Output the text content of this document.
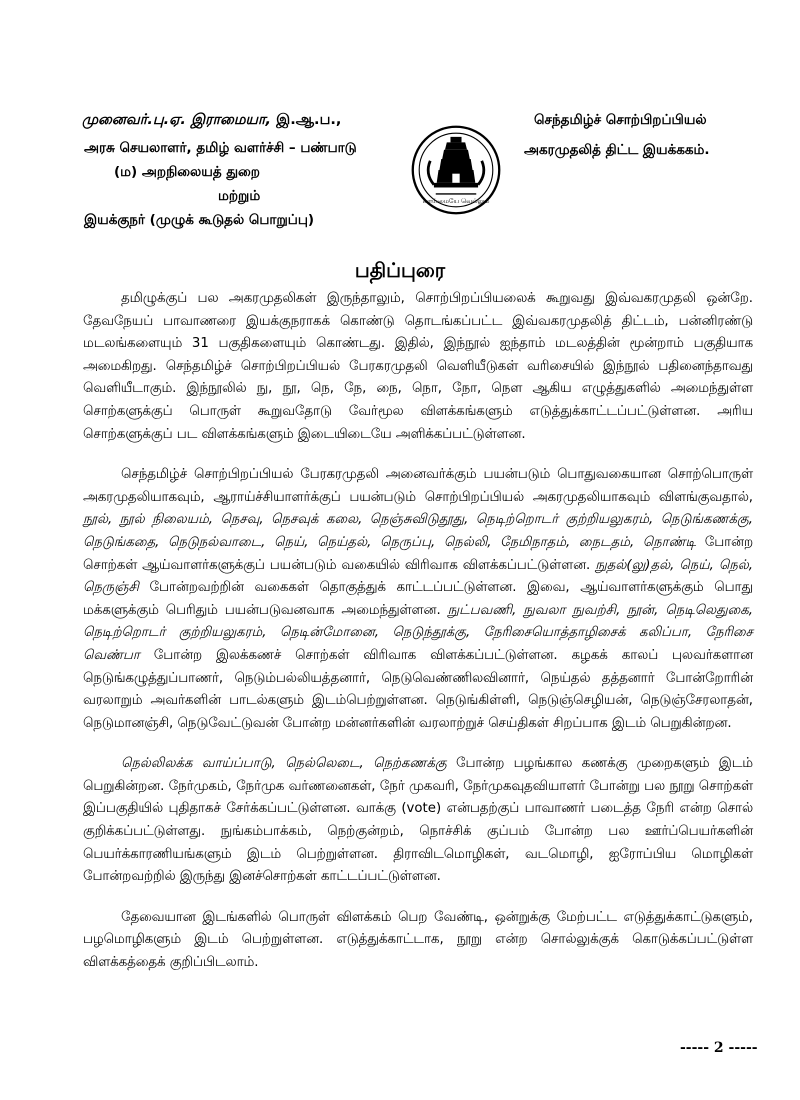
முனைவர்.பு.ஏ. இராமையா, இ.ஆ.ப.,
அரசு செயலாளர், தமிழ் வளர்ச்சி – பண்பாடு
(ம) அறநிலையத் துறை
மற்றும்
இயக்குநர் (முழுக் கூடுதல் பொறுப்பு)
வாய்மையே வெல்லும்
செந்தமிழ்ச் சொற்பிறப்பியல்
அகரமுதலித் திட்ட இயக்ககம்.
பதிப்புரை

தமிழுக்குப் பல அகரமுதலிகள் இருந்தாலும், சொற்பிறப்பியலைக் கூறுவது இவ்வகரமுதலி ஒன்றே. தேவநேயப் பாவாணரை இயக்குநராகக் கொண்டு தொடங்கப்பட்ட இவ்வகரமுதலித் திட்டம், பன்னிரண்டு மடலங்களையும் 31 பகுதிகளையும் கொண்டது. இதில், இந்நூல் ஐந்தாம் மடலத்தின் மூன்றாம் பகுதியாக அமைகிறது. செந்தமிழ்ச் சொற்பிறப்பியல் பேரகரமுதலி வெளியீடுகள் வரிசையில் இந்நூல் பதினைந்தாவது வெளியீடாகும். இந்நூலில் நு, நூ, நெ, நே, நை, நொ, நோ, நௌ ஆகிய எழுத்துகளில் அமைந்துள்ள சொற்களுக்குப் பொருள் கூறுவதோடு வேர்மூல விளக்கங்களும் எடுத்துக்காட்டப்பட்டுள்ளன. அரிய சொற்களுக்குப் பட விளக்கங்களும் இடையிடையே அளிக்கப்பட்டுள்ளன.

செந்தமிழ்ச் சொற்பிறப்பியல் பேரகரமுதலி அனைவர்க்கும் பயன்படும் பொதுவகையான சொற்பொருள் அகரமுதலியாகவும், ஆராய்ச்சியாளர்க்குப் பயன்படும் சொற்பிறப்பியல் அகரமுதலியாகவும் விளங்குவதால், நூல், நூல் நிலையம், நெசவு, நெசவுக் கலை, நெஞ்சுவிடுதூது, நெடிற்றொடர் குற்றியலுகரம், நெடுங்கணக்கு, நெடுங்கதை, நெடுநல்வாடை, நெய், நெய்தல், நெருப்பு, நெல்லி, நேமிநாதம், நைடதம், நொண்டி போன்ற சொற்கள் ஆய்வாளர்களுக்குப் பயன்படும் வகையில் விரிவாக விளக்கப்பட்டுள்ளன. நுதல்(லு)தல், நெய், நெல், நெருஞ்சி போன்றவற்றின் வகைகள் தொகுத்துக் காட்டப்பட்டுள்ளன. இவை, ஆய்வாளர்களுக்கும் பொது மக்களுக்கும் பெரிதும் பயன்படுவனவாக அமைந்துள்ளன. நுட்பவணி, நுவலா நுவற்சி, நூன், நெடிலெதுகை, நெடிற்றொடர் குற்றியலுகரம், நெடின்மோனை, நெடுந்தூக்கு, நேரிசையொத்தாழிசைக் கலிப்பா, நேரிசை வெண்பா போன்ற இலக்கணச் சொற்கள் விரிவாக விளக்கப்பட்டுள்ளன. கழகக் காலப் புலவர்களான நெடுங்கழுத்துப்பாணர், நெடும்பல்லியத்தனார், நெடுவெண்ணிலவினார், நெய்தல் தத்தனார் போன்றோரின் வரலாறும் அவர்களின் பாடல்களும் இடம்பெற்றுள்ளன. நெடுங்கிள்ளி, நெடுஞ்செழியன், நெடுஞ்சேரலாதன், நெடுமானஞ்சி, நெடுவேட்டுவன் போன்ற மன்னர்களின் வரலாற்றுச் செய்திகள் சிறப்பாக இடம் பெறுகின்றன.

நெல்லிலக்க வாய்ப்பாடு, நெல்லெடை, நெற்கணக்கு போன்ற பழங்கால கணக்கு முறைகளும் இடம் பெறுகின்றன. நேர்முகம், நேர்முக வர்ணனைகள், நேர் முகவரி, நேர்முகவுதவியாளர் போன்று பல நூறு சொற்கள் இப்பகுதியில் புதிதாகச் சேர்க்கப்பட்டுள்ளன. வாக்கு (vote) என்பதற்குப் பாவாணர் படைத்த நேரி என்ற சொல் குறிக்கப்பட்டுள்ளது. நுங்கம்பாக்கம், நெற்குன்றம், நொச்சிக் குப்பம் போன்ற பல ஊர்ப்பெயர்களின் பெயர்க்காரணியங்களும் இடம் பெற்றுள்ளன. திராவிடமொழிகள், வடமொழி, ஐரோப்பிய மொழிகள் போன்றவற்றில் இருந்து இனச்சொற்கள் காட்டப்பட்டுள்ளன.

தேவையான இடங்களில் பொருள் விளக்கம் பெற வேண்டி, ஒன்றுக்கு மேற்பட்ட எடுத்துக்காட்டுகளும், பழமொழிகளும் இடம் பெற்றுள்ளன. எடுத்துக்காட்டாக, நூறு என்ற சொல்லுக்குக் கொடுக்கப்பட்டுள்ள விளக்கத்தைக் குறிப்பிடலாம்.

----- 2 -----
